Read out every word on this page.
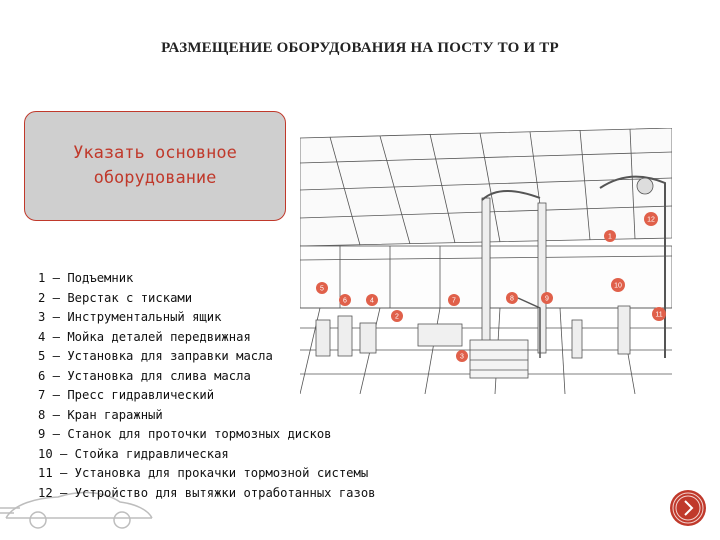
РАЗМЕЩЕНИЕ ОБОРУДОВАНИЯ НА ПОСТУ ТО И ТР
Указать основное
оборудование
1
2
3
4
5
6	7	8	9
10
11
12
1 – Подъемник
2 – Верстак с тисками
3 – Инструментальный ящик
4 – Мойка деталей передвижная
5 – Установка для заправки масла
6 – Установка для слива масла
7 – Пресс гидравлический
8 – Кран гаражный
9 – Станок для проточки тормозных дисков
10 – Стойка гидравлическая
11 – Установка для прокачки тормозной системы
12 – Устройство для вытяжки отработанных газов
